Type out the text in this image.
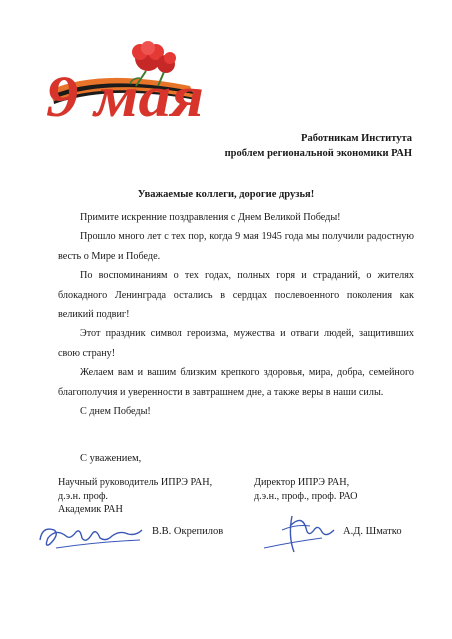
9 мая
Работникам Института
проблем региональной экономики РАН
Уважаемые коллеги, дорогие друзья!

Примите искренние поздравления с Днем Великой Победы!

Прошло много лет с тех пор, когда 9 мая 1945 года мы получили радостную весть о Мире и Победе.

По воспоминаниям о тех годах, полных горя и страданий, о жителях блокадного Ленинграда остались в сердцах послевоенного поколения как великий подвиг!

Этот праздник символ героизма, мужества и отваги людей, защитивших свою страну!

Желаем вам и вашим близким крепкого здоровья, мира, добра, семейного благополучия и уверенности в завтрашнем дне, а также веры в наши силы.

С днем Победы!

С уважением,
Научный руководитель ИПРЭ РАН,
д.э.н. проф.
Академик РАН
Директор ИПРЭ РАН,
д.э.н., проф., проф. РАО
В.В. Окрепилов	А.Д. Шматко
